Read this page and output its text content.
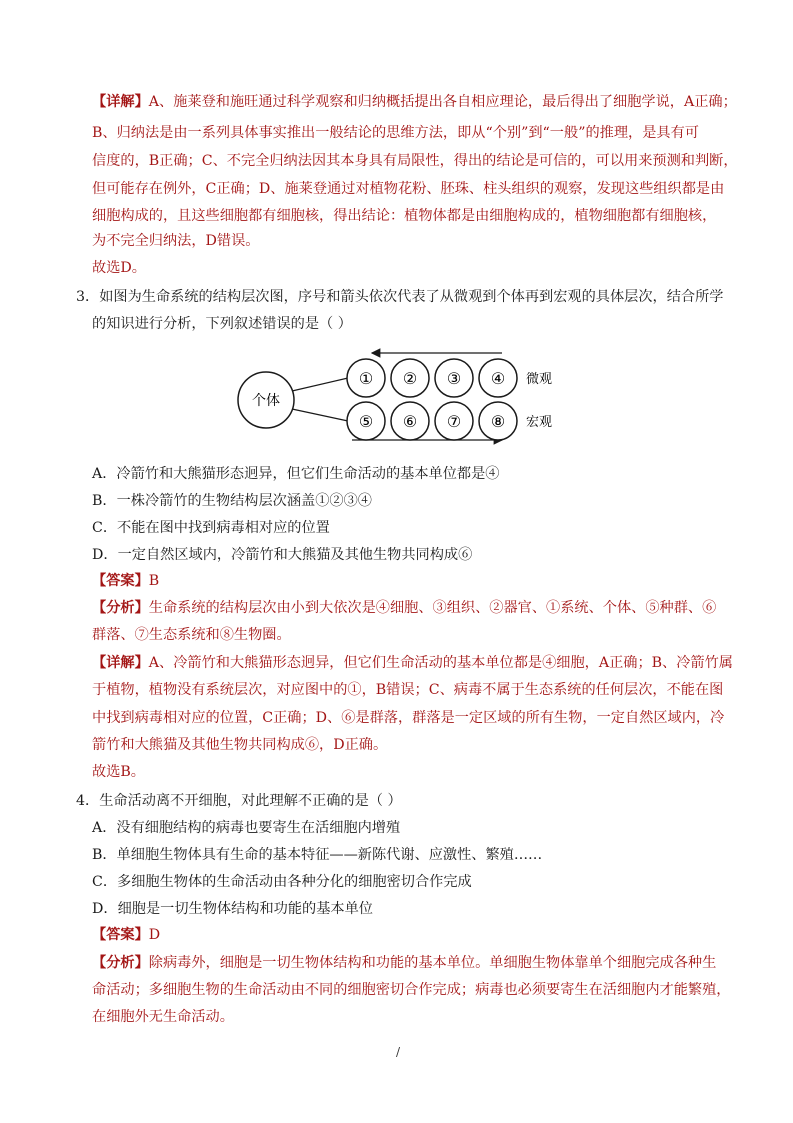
【详解】A、施莱登和施旺通过科学观察和归纳概括提出各自相应理论，最后得出了细胞学说，A正确；
B、归纳法是由一系列具体事实推出一般结论的思维方法，即从“个别”到“一般”的推理，是具有可
信度的，B正确；C、不完全归纳法因其本身具有局限性，得出的结论是可信的，可以用来预测和判断，
但可能存在例外，C正确；D、施莱登通过对植物花粉、胚珠、柱头组织的观察，发现这些组织都是由
细胞构成的，且这些细胞都有细胞核，得出结论：植物体都是由细胞构成的，植物细胞都有细胞核，
为不完全归纳法，D错误。
故选D。
3．如图为生命系统的结构层次图，序号和箭头依次代表了从微观到个体再到宏观的具体层次，结合所学
的知识进行分析，下列叙述错误的是（ ）
个体
① ② ③ ④
⑤ ⑥ ⑦ ⑧
微观
宏观
A．冷箭竹和大熊猫形态迥异，但它们生命活动的基本单位都是④
B．一株冷箭竹的生物结构层次涵盖①②③④
C．不能在图中找到病毒相对应的位置
D．一定自然区域内，冷箭竹和大熊猫及其他生物共同构成⑥
【答案】B
【分析】生命系统的结构层次由小到大依次是④细胞、③组织、②器官、①系统、个体、⑤种群、⑥
群落、⑦生态系统和⑧生物圈。
【详解】A、冷箭竹和大熊猫形态迥异，但它们生命活动的基本单位都是④细胞，A正确；B、冷箭竹属
于植物，植物没有系统层次，对应图中的①，B错误；C、病毒不属于生态系统的任何层次，不能在图
中找到病毒相对应的位置，C正确；D、⑥是群落，群落是一定区域的所有生物，一定自然区域内，冷
箭竹和大熊猫及其他生物共同构成⑥，D正确。
故选B。
4．生命活动离不开细胞，对此理解不正确的是（ ）
A．没有细胞结构的病毒也要寄生在活细胞内增殖
B．单细胞生物体具有生命的基本特征——新陈代谢、应激性、繁殖……
C．多细胞生物体的生命活动由各种分化的细胞密切合作完成
D．细胞是一切生物体结构和功能的基本单位
【答案】D
【分析】除病毒外，细胞是一切生物体结构和功能的基本单位。单细胞生物体靠单个细胞完成各种生
命活动；多细胞生物的生命活动由不同的细胞密切合作完成；病毒也必须要寄生在活细胞内才能繁殖，
在细胞外无生命活动。
/
